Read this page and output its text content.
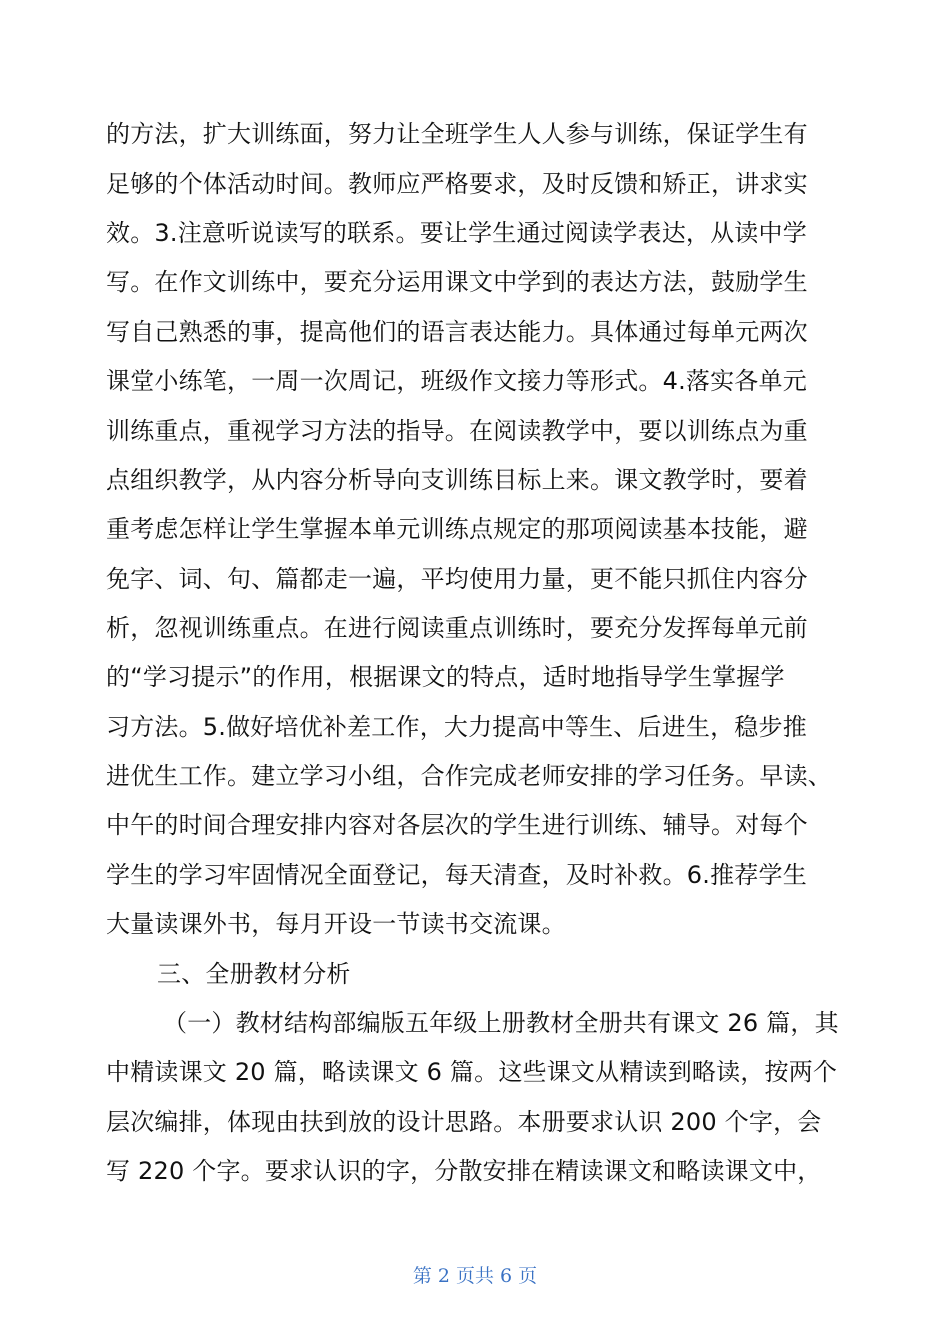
的方法，扩大训练面，努力让全班学生人人参与训练，保证学生有
足够的个体活动时间。教师应严格要求，及时反馈和矫正，讲求实
效。3.注意听说读写的联系。要让学生通过阅读学表达，从读中学
写。在作文训练中，要充分运用课文中学到的表达方法，鼓励学生
写自己熟悉的事，提高他们的语言表达能力。具体通过每单元两次
课堂小练笔，一周一次周记，班级作文接力等形式。4.落实各单元
训练重点，重视学习方法的指导。在阅读教学中，要以训练点为重
点组织教学，从内容分析导向支训练目标上来。课文教学时，要着
重考虑怎样让学生掌握本单元训练点规定的那项阅读基本技能，避
免字、词、句、篇都走一遍，平均使用力量，更不能只抓住内容分
析，忽视训练重点。在进行阅读重点训练时，要充分发挥每单元前
的“学习提示”的作用，根据课文的特点，适时地指导学生掌握学
习方法。5.做好培优补差工作，大力提高中等生、后进生，稳步推
进优生工作。建立学习小组，合作完成老师安排的学习任务。早读、
中午的时间合理安排内容对各层次的学生进行训练、辅导。对每个
学生的学习牢固情况全面登记，每天清查，及时补救。6.推荐学生
大量读课外书，每月开设一节读书交流课。
三、全册教材分析
（一）教材结构部编版五年级上册教材全册共有课文 26 篇，其
中精读课文 20 篇，略读课文 6 篇。这些课文从精读到略读，按两个
层次编排，体现由扶到放的设计思路。本册要求认识 200 个字，会
写 220 个字。要求认识的字，分散安排在精读课文和略读课文中，
第 2 页共 6 页
